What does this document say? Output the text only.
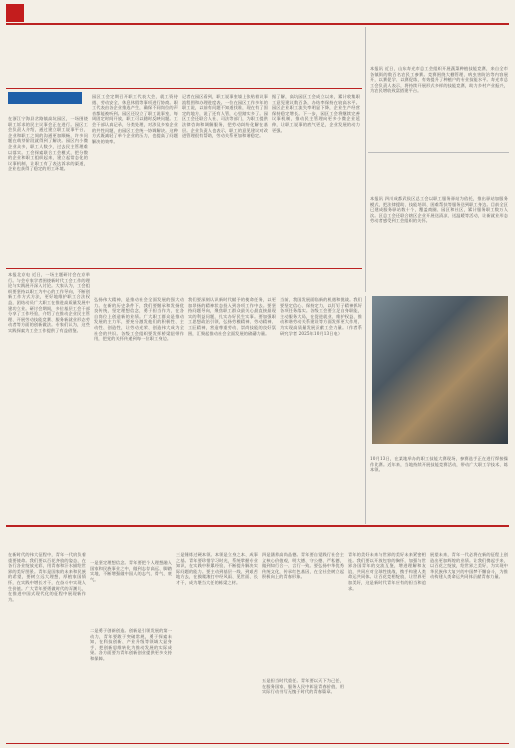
在浙江宁海县岔路镇高坑园区，一场围绕职工诉求的民主议事会正在进行。园区工会负责人介绍，通过建立职工说事平台，企业和职工之间的沟通更加顺畅，许多问题在萌芽阶段就得到了解决。园区内小微企业众多，职工人数少，过去民主管理难以落实。工会探索联合工会模式，把分散的企业和职工组织起来，建立起常态化的议事机制，让职工有了表达诉求的渠道，企业也获得了稳定的用工环境。
园区工会定期召开职工代表大会，就工资待遇、劳动安全、休息休假等事项进行协商。职工代表由各企业推选产生，确保不同岗位的声音都能被听到。园区还设立了职工说事室，每周固定时间开放，职工可以随时反映问题。工会干部认真记录，分类处理，对涉及多家企业的共性问题，由园区工会统一协调解决。这种方式既减轻了单个企业的压力，也提高了问题解决的效率。
记者在园区看到，职工说事室墙上张贴着议事流程图和办理进度表。一位在园区工作多年的职工说，以前有问题不知道找谁，现在有了固定的地方，说了还有人管，心里踏实多了。园区工会还联合人社、司法等部门，为职工提供法律咨询和调解服务，把劳动纠纷化解在基层。企业负责人也表示，职工的意见建议对改进管理很有帮助，劳动关系更加和谐稳定。
据了解，高坑园区工会成立以来，累计收集职工意见建议数百条，办结率保持在较高水平。园区企业职工流失率明显下降，企业生产经营保持稳定增长。下一步，园区工会将继续完善议事机制，推动民主管理向更多小微企业延伸，让职工说事的底气更足，企业发展的动力更强。
本报讯 近日，山东寿光市总工会组织开展蔬菜种植技能竞赛，来自全市各镇街的数百名农民工参赛。竞赛围绕大棚管理、病虫害防治等内容展开，以赛促学、以赛促练，有效提升了种植户的专业技能水平。寿光市总工会负责人表示，将持续开展形式多样的技能竞赛，助力乡村产业振兴，为农民增收致富搭建平台。
本报讯 四川成都武侯区总工会以职工服务驿站为依托，推出驿站加服务模式，把法律援助、技能培训、困难帮扶等服务送到职工身边。目前全区已建成服务驿站数十个，覆盖商圈、园区和社区，累计服务职工数万人次。区总工会还联合辖区企业开展送清凉、送温暖等活动，让新就业形态劳动者感受到工会组织的关怀。
本报北京电 近日，一场主题研讨会在京举行。与会专家学者围绕新时代工会工作的理论与实践展开深入讨论。大家认为，工会组织要坚持以职工为中心的工作导向，不断创新工作方式方法，更好地维护职工合法权益，团结动员广大职工在推进高质量发展中建功立业。研讨会期间，多位基层工会干部分享了工作经验，介绍了在推动企业民主管理、开展劳动技能竞赛、服务新就业形态劳动者等方面的创新做法。专家们认为，这些实践探索为工会工作提供了有益借鉴。
弘扬伟大精神，是推动社会全面发展的强大动力。在新的历史条件下，我们要继承和发扬优良传统，坚定理想信念，勇于担当作为，在各自岗位上创造新的业绩。广大职工群众是推动发展的主力军，要充分激发他们的积极性、主动性、创造性，让劳动光荣、创造伟大成为全社会的共识。各级工会组织要发挥桥梁纽带作用，把党的关怀传递到每一位职工身边。
我们要深刻认识新时代赋予的使命任务，以更加昂扬的精神状态投入到各项工作中去。要坚持问题导向，聚焦职工群众最关心最直接最现实的利益问题，扎实办好民生实事。要加强职工思想政治引领，弘扬劳模精神、劳动精神、工匠精神，营造尊重劳动、崇尚技能的良好氛围，汇聚起推动社会全面发展的磅礴力量。
当前，我国发展面临新的机遇和挑战。我们要坚定信心、保持定力，以钉钉子精神抓好各项任务落实。各级工会要立足自身职能，主动服务大局，在促进就业、维护权益、推动和谐劳动关系建设等方面发挥更大作用，为实现高质量发展贡献工会力量。（作者系研究学者 2025年10月13日电）
10月13日，在某地举办的职工技能大赛现场，参赛选手正在进行焊接操作比赛。近年来，当地持续开展技能竞赛活动，带动广大职工学技术、练本领。
在新时代的伟大征程中，青年一代肩负着重要使命。我们要以百花齐放的姿态，在各行各业绽放光彩，用青春和汗水描绘世界的美好图景。青年是国家的未来和民族的希望，要树立远大理想，厚植家国情怀，在实践中增长才干，在奋斗中实现人生价值。广大青年要勇做时代的弄潮儿，在推进中国式现代化的征程中展现新作为。
一是坚定理想信念。青年要把个人理想融入国家和民族事业之中，做到志存高远、脚踏实地，不断增强做中国人的志气、骨气、底气。
二是勇于创新创造。创新是引领发展的第一动力，青年要敢于突破常规，勇于探索未知，在科技创新、产业升级等领域大显身手，把创新思维转化为推动发展的实际成果。各方面要为青年创新创业提供更多支持和保障。
三是锤炼过硬本领。本领是立身之本、成事之基。青年要珍惜学习时光，系统掌握专业知识，在实践中积累经验，不断提升解决实际问题的能力。要主动到基层一线、到艰苦地方去，在摸爬滚打中经风雨、见世面、长才干，成为堪当大任的栋梁之材。
四是涵养高尚品德。青年要自觉践行社会主义核心价值观，明大德、守公德、严私德，做到知行合一、言行一致。要弘扬中华优秀传统文化，传承红色基因，在全社会树立起积极向上的青春形象。
五是担当时代重任。青年要以天下为己任，在服务国家、服务人民中彰显青春价值，用实际行动书写无愧于时代的青春篇章。
青年的美好未来与世界的美好未来紧密相连。我们要以开放包容的胸怀，加强与世界各国青年的交流互鉴，增进理解和友谊，共同应对全球性挑战，携手构建人类命运共同体。让百花竞相绽放，让世界更加美好，这是新时代青年应有的担当和追求。
展望未来，青年一代必将在新的征程上创造出更加辉煌的业绩。让我们携起手来，以百花之绽放，绘世界之美好，为实现中华民族伟大复兴的中国梦不懈奋斗，为推动构建人类命运共同体贡献青春力量。
